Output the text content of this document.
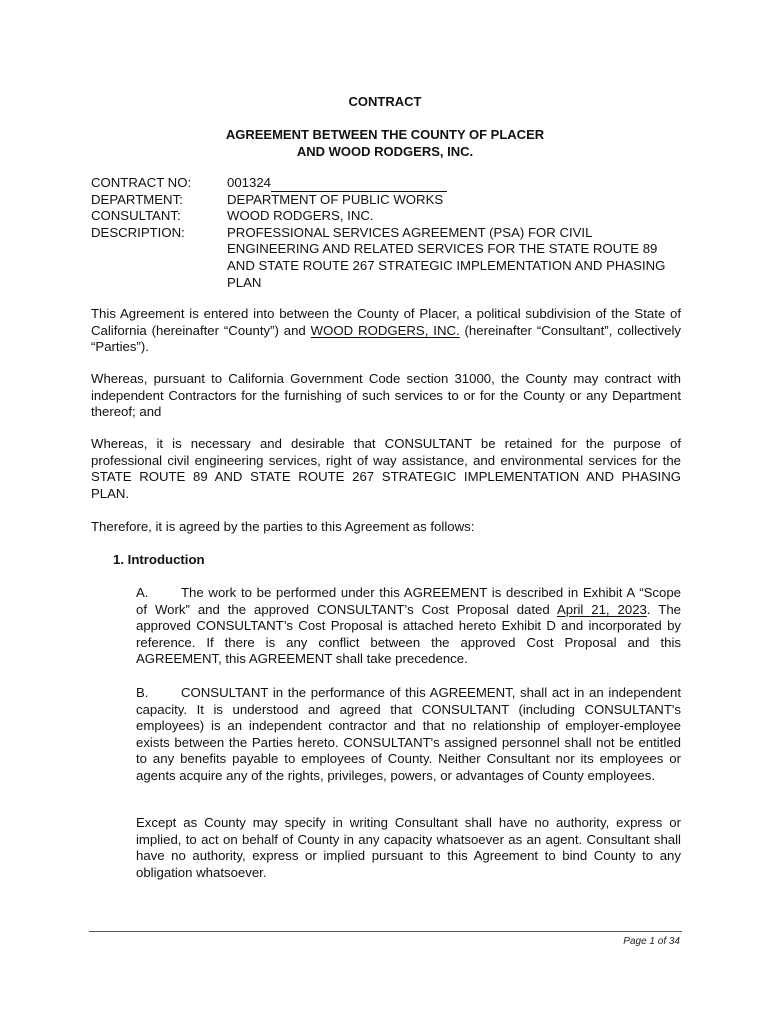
CONTRACT
AGREEMENT BETWEEN THE COUNTY OF PLACER
AND WOOD RODGERS, INC.
CONTRACT NO:	001324
DEPARTMENT:	DEPARTMENT OF PUBLIC WORKS
CONSULTANT:	WOOD RODGERS, INC.
DESCRIPTION:	PROFESSIONAL SERVICES AGREEMENT (PSA) FOR CIVIL ENGINEERING AND RELATED SERVICES FOR THE STATE ROUTE 89 AND STATE ROUTE 267 STRATEGIC IMPLEMENTATION AND PHASING PLAN
This Agreement is entered into between the County of Placer, a political subdivision of the State of California (hereinafter “County”) and WOOD RODGERS, INC. (hereinafter “Consultant”, collectively “Parties”).
Whereas, pursuant to California Government Code section 31000, the County may contract with independent Contractors for the furnishing of such services to or for the County or any Department thereof; and
Whereas, it is necessary and desirable that CONSULTANT be retained for the purpose of professional civil engineering services, right of way assistance, and environmental services for the STATE ROUTE 89 AND STATE ROUTE 267 STRATEGIC IMPLEMENTATION AND PHASING PLAN.
Therefore, it is agreed by the parties to this Agreement as follows:
1. Introduction
A. The work to be performed under this AGREEMENT is described in Exhibit A “Scope of Work” and the approved CONSULTANT’s Cost Proposal dated April 21, 2023. The approved CONSULTANT’s Cost Proposal is attached hereto Exhibit D and incorporated by reference. If there is any conflict between the approved Cost Proposal and this AGREEMENT, this AGREEMENT shall take precedence.
B. CONSULTANT in the performance of this AGREEMENT, shall act in an independent capacity. It is understood and agreed that CONSULTANT (including CONSULTANT's employees) is an independent contractor and that no relationship of employer-employee exists between the Parties hereto. CONSULTANT's assigned personnel shall not be entitled to any benefits payable to employees of County. Neither Consultant nor its employees or agents acquire any of the rights, privileges, powers, or advantages of County employees.
Except as County may specify in writing Consultant shall have no authority, express or implied, to act on behalf of County in any capacity whatsoever as an agent. Consultant shall have no authority, express or implied pursuant to this Agreement to bind County to any obligation whatsoever.
Page 1 of 34
